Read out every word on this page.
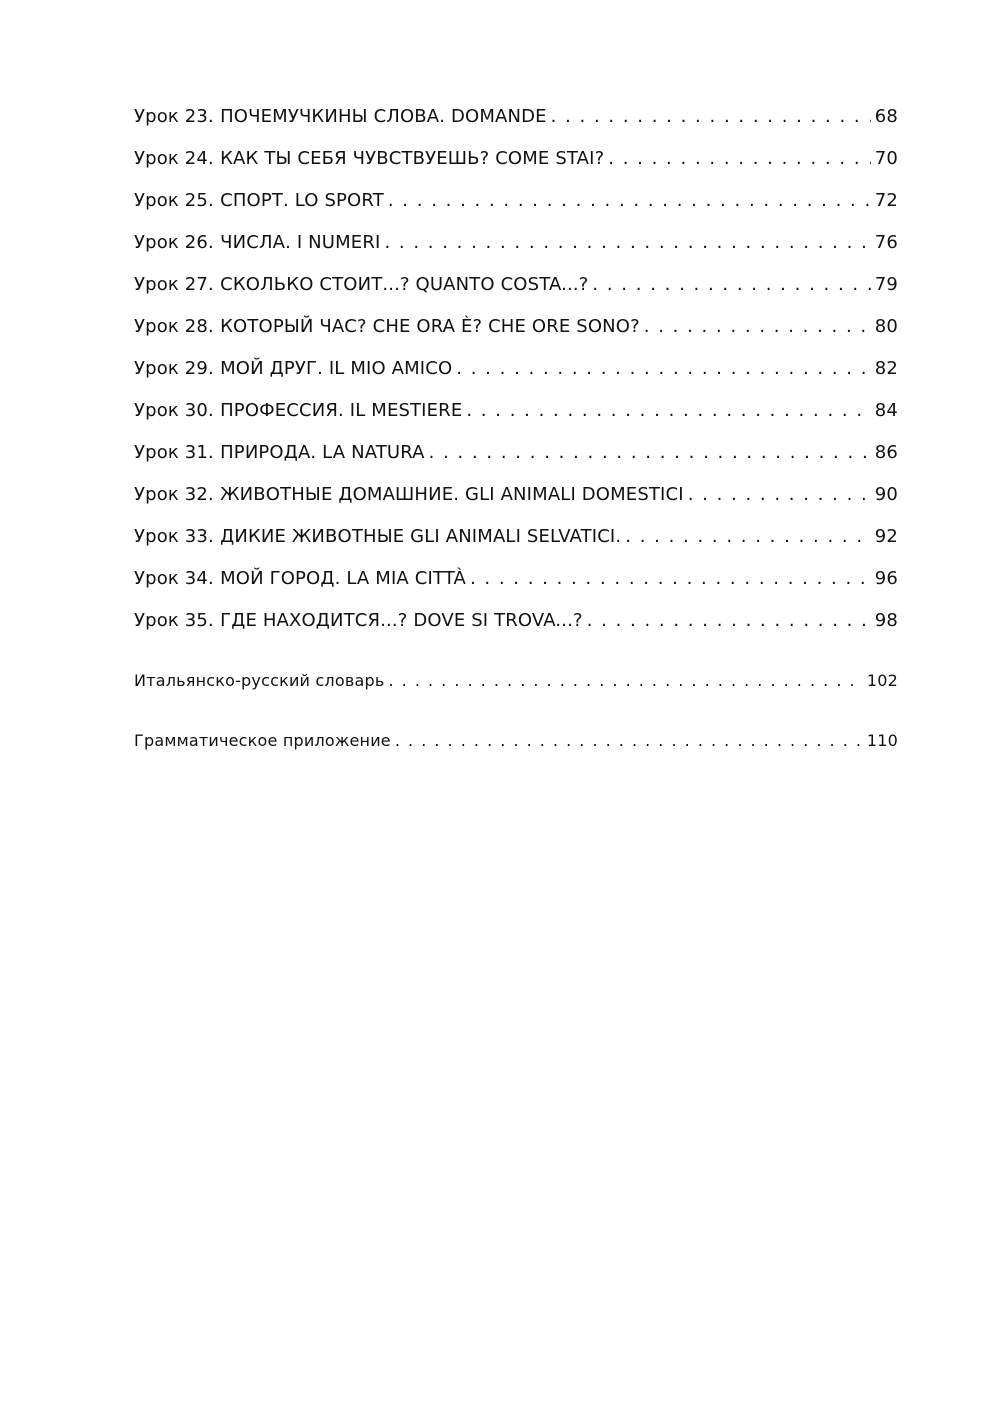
Урок 23. ПОЧЕМУЧКИНЫ СЛОВА. DOMANDE . . .	68
Урок 24. КАК ТЫ СЕБЯ ЧУВСТВУЕШЬ? COME STAI? . . .	70
Урок 25. СПОРТ. LO SPORT . . .	72
Урок 26. ЧИСЛА. I NUMERI . . .	76
Урок 27. СКОЛЬКО СТОИТ...? QUANTO COSTA...? . . .	79
Урок 28. КОТОРЫЙ ЧАС? CHE ORA È? CHE ORE SONO? . . .	80
Урок 29. МОЙ ДРУГ. IL MIO AMICO . . .	82
Урок 30. ПРОФЕССИЯ. IL MESTIERE . . .	84
Урок 31. ПРИРОДА. LA NATURA . . .	86
Урок 32. ЖИВОТНЫЕ ДОМАШНИЕ. GLI ANIMALI DOMESTICI . . .	90
Урок 33. ДИКИЕ ЖИВОТНЫЕ GLI ANIMALI SELVATICI. . . .	92
Урок 34. МОЙ ГОРОД. LA MIA CITTÀ . . .	96
Урок 35. ГДЕ НАХОДИТСЯ...? DOVE SI TROVA...? . . .	98
Итальянско-русский словарь . . .	102
Грамматическое приложение . . .	110
